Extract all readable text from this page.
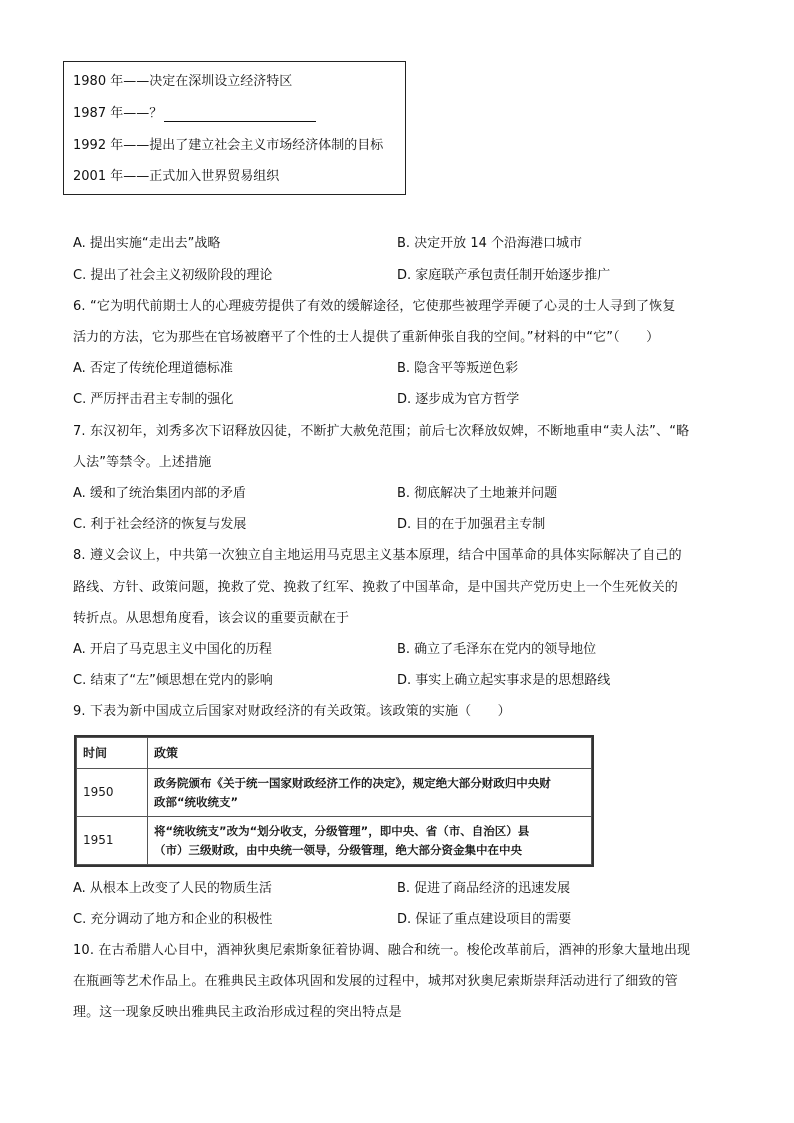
1980 年——决定在深圳设立经济特区
1987 年——？
1992 年——提出了建立社会主义市场经济体制的目标
2001 年——正式加入世界贸易组织
A. 提出实施“走出去”战略	B. 决定开放 14 个沿海港口城市
C. 提出了社会主义初级阶段的理论	D. 家庭联产承包责任制开始逐步推广
6. “它为明代前期士人的心理疲劳提供了有效的缓解途径，它使那些被理学弄硬了心灵的士人寻到了恢复
活力的方法，它为那些在官场被磨平了个性的士人提供了重新伸张自我的空间。”材料的中“它”（　　）
A. 否定了传统伦理道德标准	B. 隐含平等叛逆色彩
C. 严厉抨击君主专制的强化	D. 逐步成为官方哲学
7. 东汉初年，刘秀多次下诏释放囚徒，不断扩大赦免范围；前后七次释放奴婢，不断地重申“卖人法”、“略
人法”等禁令。上述措施
A. 缓和了统治集团内部的矛盾	B. 彻底解决了土地兼并问题
C. 利于社会经济的恢复与发展	D. 目的在于加强君主专制
8. 遵义会议上，中共第一次独立自主地运用马克思主义基本原理，结合中国革命的具体实际解决了自己的
路线、方针、政策问题，挽救了党、挽救了红军、挽救了中国革命，是中国共产党历史上一个生死攸关的
转折点。从思想角度看，该会议的重要贡献在于
A. 开启了马克思主义中国化的历程	B. 确立了毛泽东在党内的领导地位
C. 结束了“左”倾思想在党内的影响	D. 事实上确立起实事求是的思想路线
9. 下表为新中国成立后国家对财政经济的有关政策。该政策的实施（　　）
时间	政策
1950	政务院颁布《关于统一国家财政经济工作的决定》，规定绝大部分财政归中央财
政部“统收统支”

1951	将“统收统支”改为“划分收支，分级管理”，即中央、省（市、自治区）县
（市）三级财政，由中央统一领导，分级管理，绝大部分资金集中在中央
A. 从根本上改变了人民的物质生活	B. 促进了商品经济的迅速发展
C. 充分调动了地方和企业的积极性	D. 保证了重点建设项目的需要
10. 在古希腊人心目中，酒神狄奥尼索斯象征着协调、融合和统一。梭伦改革前后，酒神的形象大量地出现
在瓶画等艺术作品上。在雅典民主政体巩固和发展的过程中，城邦对狄奥尼索斯崇拜活动进行了细致的管
理。这一现象反映出雅典民主政治形成过程的突出特点是
